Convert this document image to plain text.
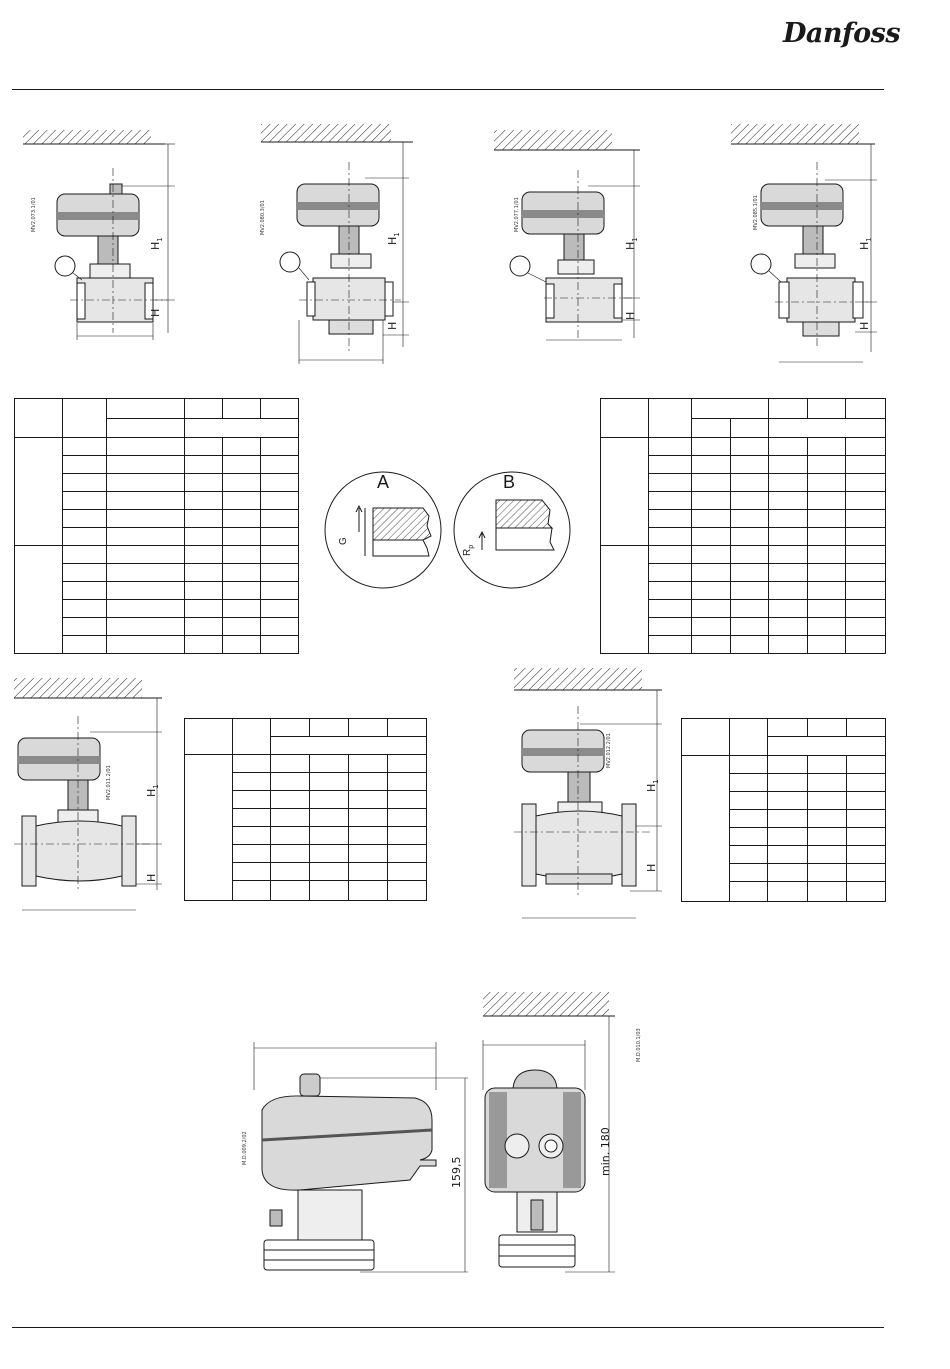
Danfoss
MV2.073.1/01
$H_1$
H
MV2.080.3/01
$H_1$
H
MV2.077.1/01
$H_1$
H
MV2.085.1/01
$H_1$
H

A
G
B
$R_p$

MV2.011.2/01	$H_1$
H

MV2.012.2/01
$H_1$
H

M.D.009.2/02
159,5
M.D.010.1/03
min. 180
